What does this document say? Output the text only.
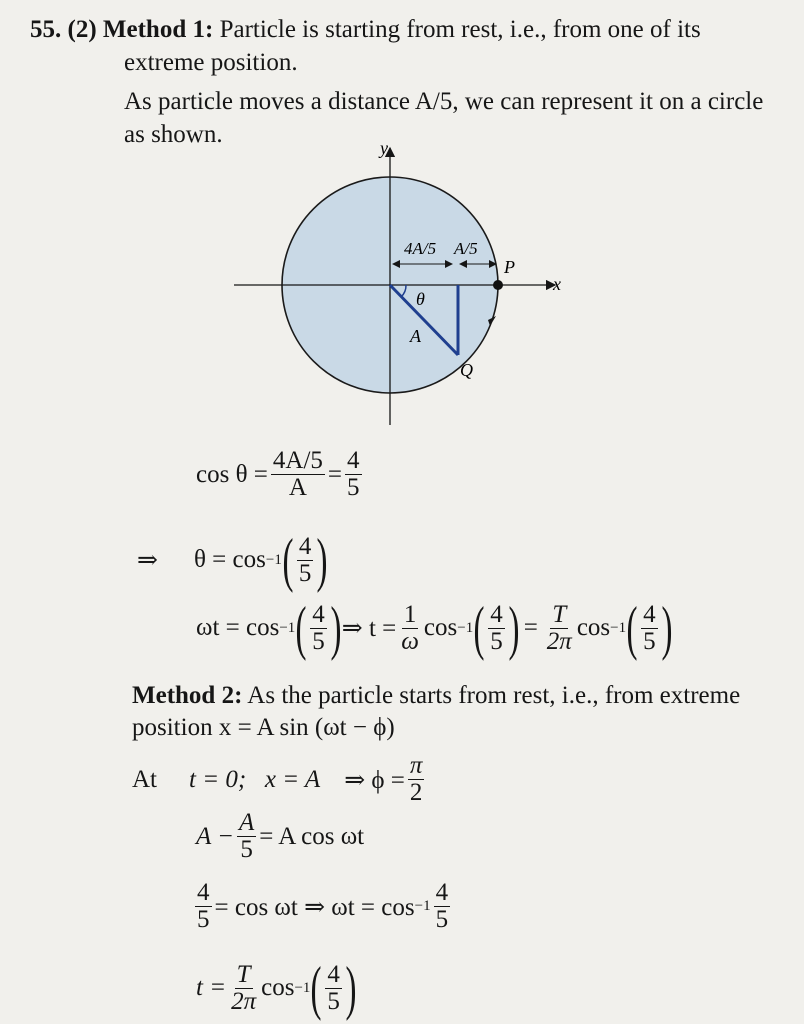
55. (2) Method 1: Particle is starting from rest, i.e., from one of its
extreme position.
As particle moves a distance A/5, we can represent it on a circle
as shown.	y
x
4A/5 A/5
P
θ
A
Q
$\cos \theta = \frac{4A/5}{A} = \frac{4}{5}$
⇒ θ = cos −1 ( $\frac{4}{5}$ )
ωt = cos −1 ( $\frac{4}{5}$ ) ⇒ $t = \frac{1}{\omega}$ cos −1 ( $\frac{4}{5}$ ) = $\frac{T}{2\pi}$ cos −1 ( $\frac{4}{5}$ )
Method 2: As the particle starts from rest, i.e., from extreme
position x = A sin (ωt − ϕ)
At t = 0;   x = A ⇒ $\phi = \frac{\pi}{2}$
$A - \frac{A}{5} = A$ cos ωt
$\frac{4}{5} = \cos \omega t$ ⇒ $\omega t = \cos -1 \frac{4}{5}$
$t = \frac{T}{2\pi}$ cos −1 ( $\frac{4}{5}$ )
